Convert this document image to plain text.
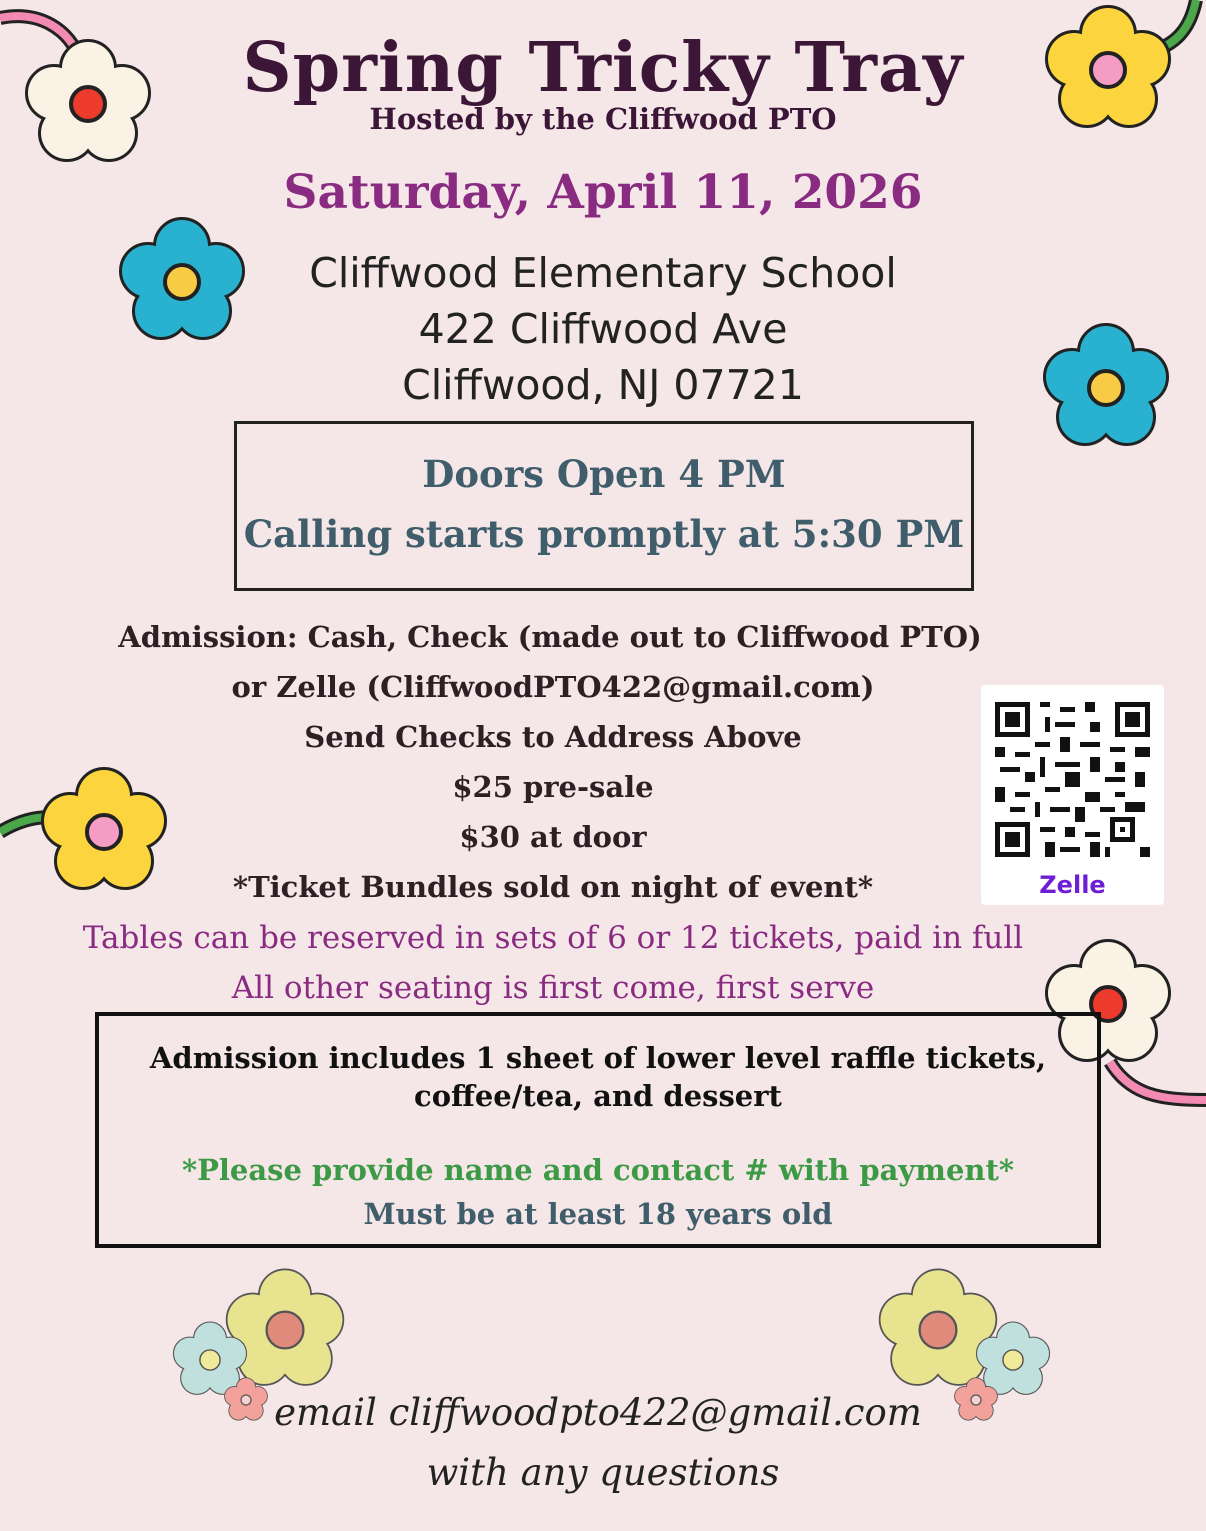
Spring Tricky Tray
Hosted by the Cliffwood PTO
Saturday, April 11, 2026
Cliffwood Elementary School
422 Cliffwood Ave
Cliffwood, NJ 07721
Doors Open 4 PM
Calling starts promptly at 5:30 PM
Admission: Cash, Check (made out to Cliffwood PTO)
or Zelle (CliffwoodPTO422@gmail.com)
Send Checks to Address Above
$25 pre-sale
$30 at door
*Ticket Bundles sold on night of event*
Tables can be reserved in sets of 6 or 12 tickets, paid in full
All other seating is first come, first serve
Zelle
Admission includes 1 sheet of lower level raffle tickets,
coffee/tea, and dessert
*Please provide name and contact # with payment*
Must be at least 18 years old
email cliffwoodpto422@gmail.com
with any questions
